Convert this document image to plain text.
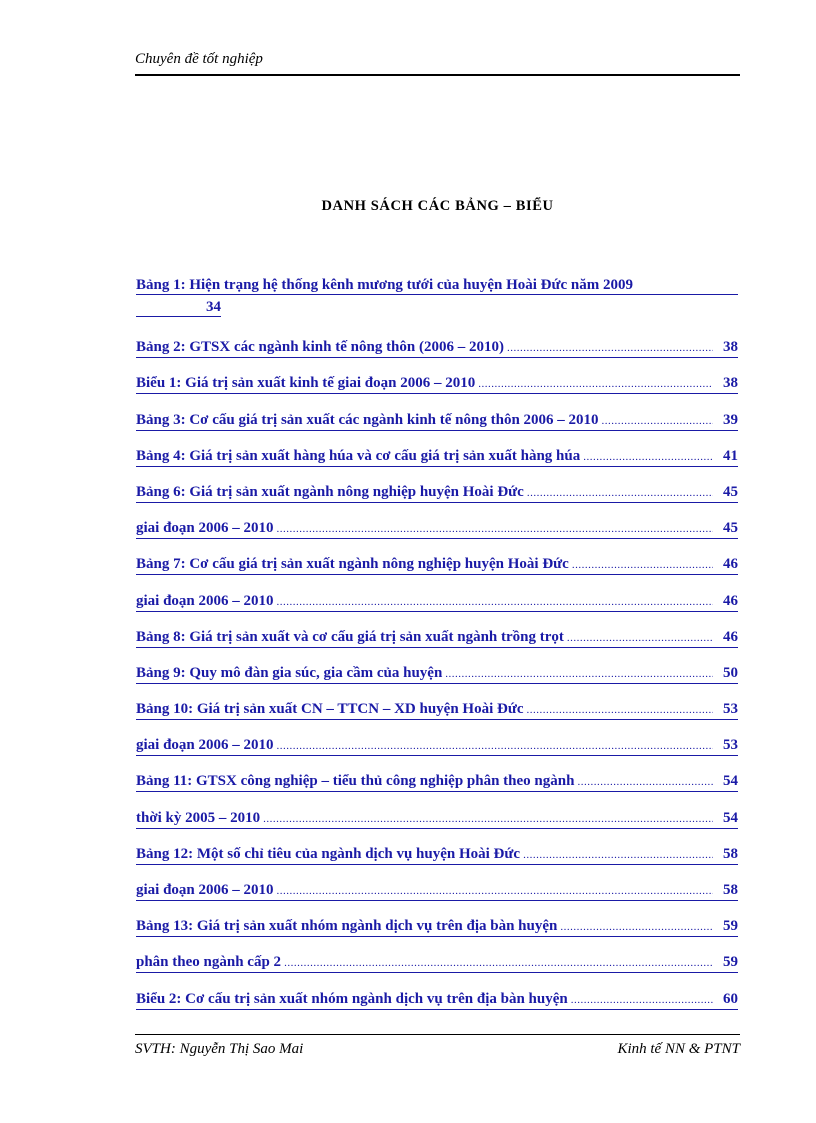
Chuyên đề tốt nghiệp
DANH SÁCH CÁC BẢNG – BIỂU
Bảng 1: Hiện trạng hệ thống kênh mương tưới của huyện Hoài Đức năm 2009
34
Bảng 2: GTSX các ngành kinh tế nông thôn (2006 – 2010) .....	38
Biểu 1: Giá trị sản xuất kinh tế giai đoạn 2006 – 2010 .....	38
Bảng 3: Cơ cấu giá trị sản xuất các ngành kinh tế nông thôn 2006 – 2010 .....	39
Bảng 4: Giá trị sản xuất hàng húa và cơ cấu giá trị sản xuất hàng húa .....	41
Bảng 6: Giá trị sản xuất ngành nông nghiệp huyện Hoài Đức .....	45
giai đoạn 2006 – 2010 .....	45
Bảng 7: Cơ cấu giá trị sản xuất ngành nông nghiệp huyện Hoài Đức .....	46
giai đoạn 2006 – 2010 .....	46
Bảng 8: Giá trị sản xuất và cơ cấu giá trị sản xuất ngành trồng trọt .....	46
Bảng 9: Quy mô đàn gia súc, gia cầm của huyện .....	50
Bảng 10: Giá trị sản xuất CN – TTCN – XD huyện Hoài Đức .....	53
giai đoạn 2006 – 2010 .....	53
Bảng 11: GTSX công nghiệp – tiểu thủ công nghiệp phân theo ngành .....	54
thời kỳ 2005 – 2010 .....	54
Bảng 12: Một số chỉ tiêu của ngành dịch vụ huyện Hoài Đức .....	58
giai đoạn 2006 – 2010 .....	58
Bảng 13: Giá trị sản xuất nhóm ngành dịch vụ trên địa bàn huyện .....	59
phân theo ngành cấp 2 .....	59
Biểu 2: Cơ cấu trị sản xuất nhóm ngành dịch vụ trên địa bàn huyện .....	60
SVTH: Nguyễn Thị Sao Mai	Kinh tế NN & PTNT
